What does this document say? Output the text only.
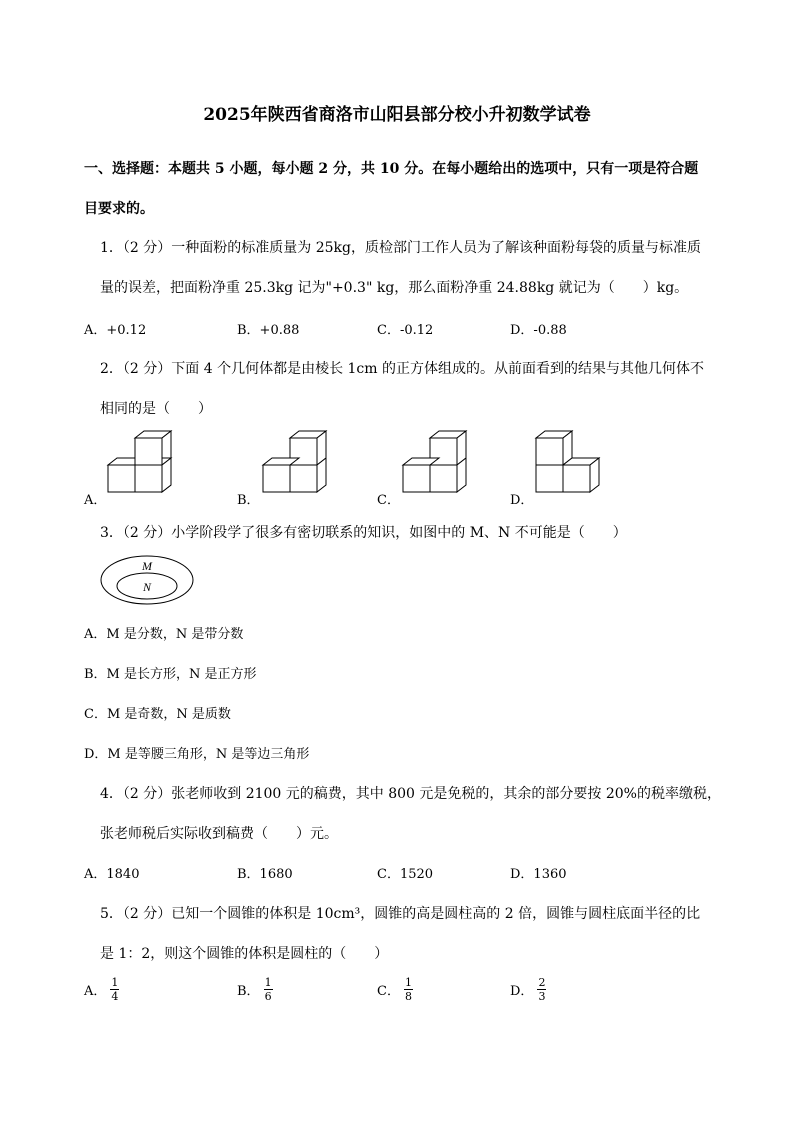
2025年陕西省商洛市山阳县部分校小升初数学试卷
一、选择题：本题共 5 小题，每小题 2 分，共 10 分。在每小题给出的选项中，只有一项是符合题
目要求的。
1．（2 分）一种面粉的标准质量为 25kg，质检部门工作人员为了解该种面粉每袋的质量与标准质
量的误差，把面粉净重 25.3kg 记为"+0.3" kg，那么面粉净重 24.88kg 就记为（　　）kg。
A．+0.12	B．+0.88	C．-0.12	D．-0.88
2．（2 分）下面 4 个几何体都是由棱长 1cm 的正方体组成的。从前面看到的结果与其他几何体不
相同的是（　　）
A．	B．	C．	D．
3．（2 分）小学阶段学了很多有密切联系的知识，如图中的 M、N 不可能是（　　）
M
N
A．M 是分数，N 是带分数
B．M 是长方形，N 是正方形
C．M 是奇数，N 是质数
D．M 是等腰三角形，N 是等边三角形
4．（2 分）张老师收到 2100 元的稿费，其中 800 元是免税的，其余的部分要按 20%的税率缴税，
张老师税后实际收到稿费（　　）元。
A．1840	B．1680	C．1520	D．1360
5．（2 分）已知一个圆锥的体积是 10cm³，圆锥的高是圆柱高的 2 倍，圆锥与圆柱底面半径的比
是 1：2，则这个圆锥的体积是圆柱的（　　）
A． $\frac{1}{4}$	B． $\frac{1}{6}$	C． $\frac{1}{8}$	D． $\frac{2}{3}$
